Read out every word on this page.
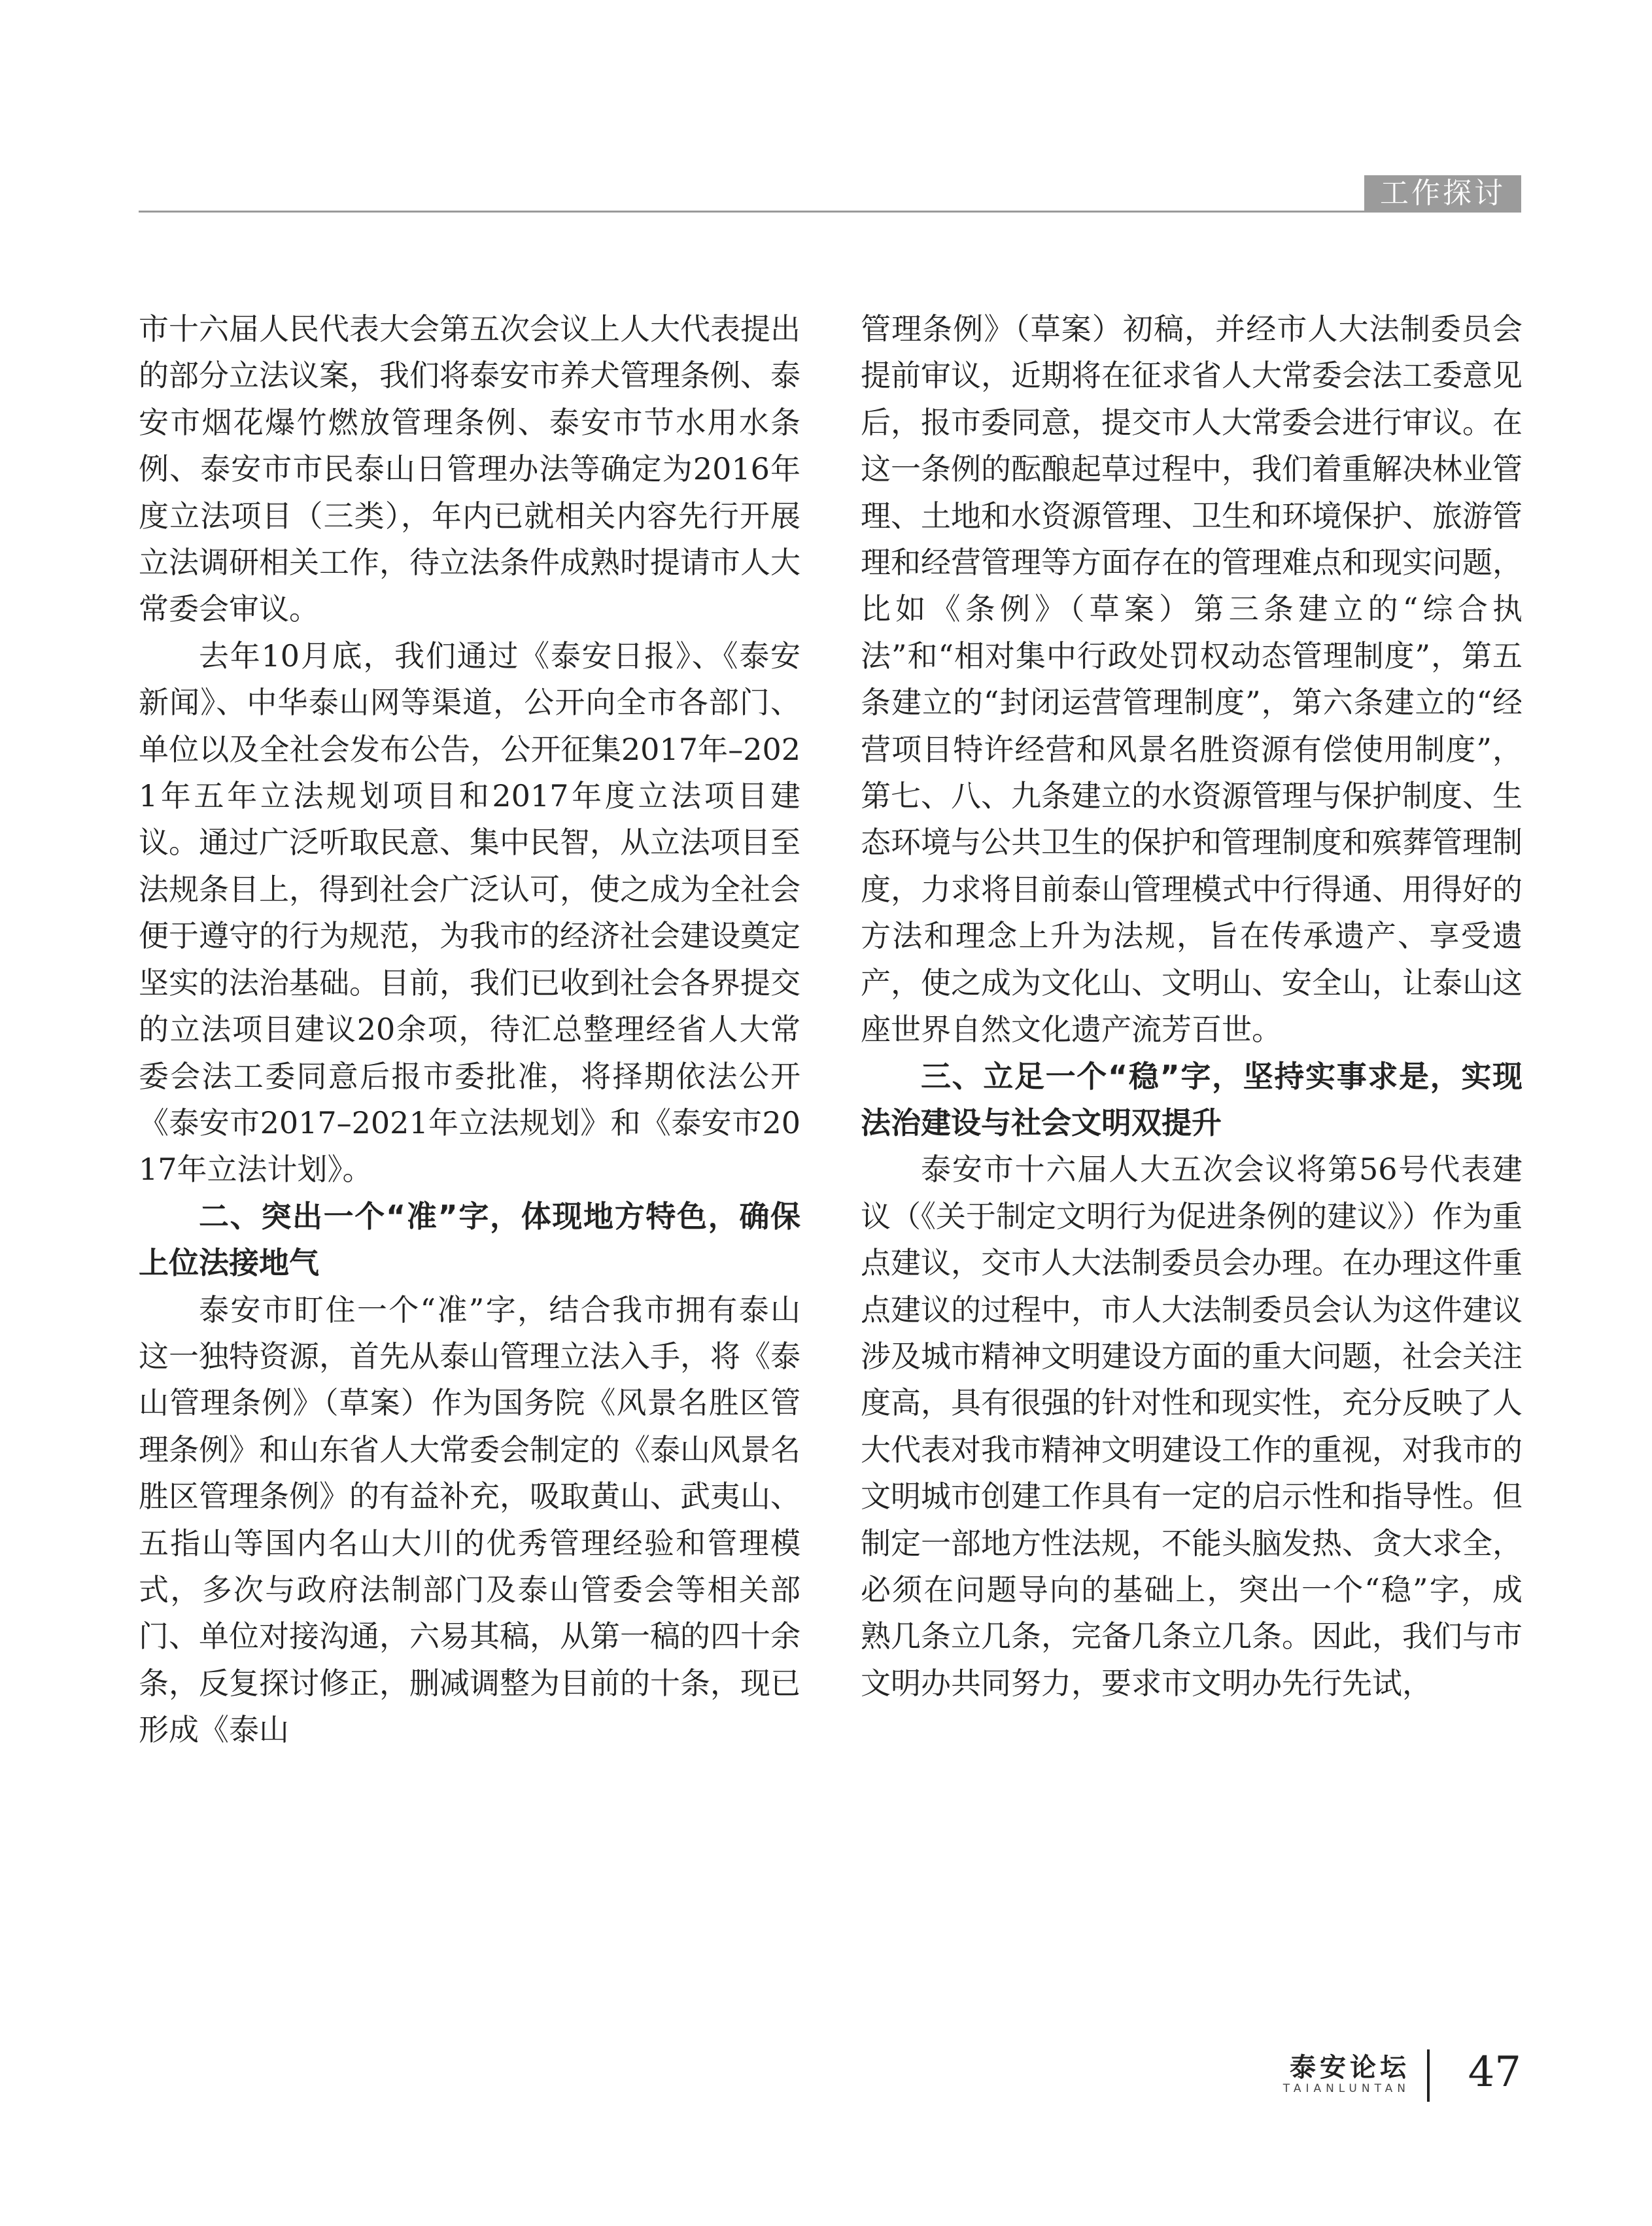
工作探讨

市十六届人民代表大会第五次会议上人大代表提出的部分立法议案，我们将泰安市养犬管理条例、泰安市烟花爆竹燃放管理条例、泰安市节水用水条例、泰安市市民泰山日管理办法等确定为2016年度立法项目（三类），年内已就相关内容先行开展立法调研相关工作，待立法条件成熟时提请市人大常委会审议。

去年10月底，我们通过《泰安日报》、《泰安新闻》、中华泰山网等渠道，公开向全市各部门、单位以及全社会发布公告，公开征集2017年–2021年五年立法规划项目和2017年度立法项目建议。通过广泛听取民意、集中民智，从立法项目至法规条目上，得到社会广泛认可，使之成为全社会便于遵守的行为规范，为我市的经济社会建设奠定坚实的法治基础。目前，我们已收到社会各界提交的立法项目建议20余项，待汇总整理经省人大常委会法工委同意后报市委批准，将择期依法公开《泰安市2017–2021年立法规划》和《泰安市2017年立法计划》。

二、突出一个“准”字，体现地方特色，确保上位法接地气

泰安市盯住一个“准”字，结合我市拥有泰山这一独特资源，首先从泰山管理立法入手，将《泰山管理条例》（草案）作为国务院《风景名胜区管理条例》和山东省人大常委会制定的《泰山风景名胜区管理条例》的有益补充，吸取黄山、武夷山、五指山等国内名山大川的优秀管理经验和管理模式，多次与政府法制部门及泰山管委会等相关部门、单位对接沟通，六易其稿，从第一稿的四十余条，反复探讨修正，删减调整为目前的十条，现已形成《泰山

管理条例》（草案）初稿，并经市人大法制委员会提前审议，近期将在征求省人大常委会法工委意见后，报市委同意，提交市人大常委会进行审议。在这一条例的酝酿起草过程中，我们着重解决林业管理、土地和水资源管理、卫生和环境保护、旅游管理和经营管理等方面存在的管理难点和现实问题，比如《条例》（草案）第三条建立的“综合执法”和“相对集中行政处罚权动态管理制度”，第五条建立的“封闭运营管理制度”，第六条建立的“经营项目特许经营和风景名胜资源有偿使用制度”，第七、八、九条建立的水资源管理与保护制度、生态环境与公共卫生的保护和管理制度和殡葬管理制度，力求将目前泰山管理模式中行得通、用得好的方法和理念上升为法规，旨在传承遗产、享受遗产，使之成为文化山、文明山、安全山，让泰山这座世界自然文化遗产流芳百世。

三、立足一个“稳”字，坚持实事求是，实现法治建设与社会文明双提升

泰安市十六届人大五次会议将第56号代表建议（《关于制定文明行为促进条例的建议》）作为重点建议，交市人大法制委员会办理。在办理这件重点建议的过程中，市人大法制委员会认为这件建议涉及城市精神文明建设方面的重大问题，社会关注度高，具有很强的针对性和现实性，充分反映了人大代表对我市精神文明建设工作的重视，对我市的文明城市创建工作具有一定的启示性和指导性。但制定一部地方性法规，不能头脑发热、贪大求全，必须在问题导向的基础上，突出一个“稳”字，成熟几条立几条，完备几条立几条。因此，我们与市文明办共同努力，要求市文明办先行先试，

泰安论坛
TAIANLUNTAN 47
